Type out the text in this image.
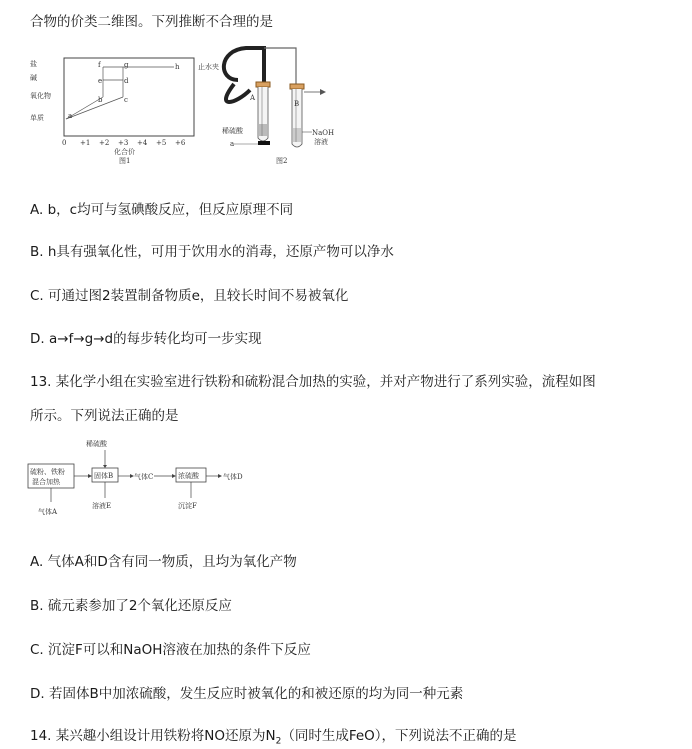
合物的价类二维图。下列推断不合理的是
盐
碱
氧化物
单质
0 +1 +2 +3 +4 +5 +6
化合价
图1
a
b	c
d
e
f	g	h	止水夹
A
B
稀硫酸
a
NaOH
溶液
图2
A. b，c均可与氢碘酸反应，但反应原理不同
B. h具有强氧化性，可用于饮用水的消毒，还原产物可以净水
C. 可通过图2装置制备物质e，且较长时间不易被氧化
D. a→f→g→d的每步转化均可一步实现
13. 某化学小组在实验室进行铁粉和硫粉混合加热的实验，并对产物进行了系列实验，流程如图
所示。下列说法正确的是
硫粉、铁粉
混合加热
气体A
固体B
稀硫酸
溶液E
气体C	浓硫酸
沉淀F
气体D
A. 气体A和D含有同一物质，且均为氧化产物
B. 硫元素参加了2个氧化还原反应
C. 沉淀F可以和NaOH溶液在加热的条件下反应
D. 若固体B中加浓硫酸，发生反应时被氧化的和被还原的均为同一种元素
14. 某兴趣小组设计用铁粉将NO还原为$N_2$（同时生成FeO），下列说法不正确的是
